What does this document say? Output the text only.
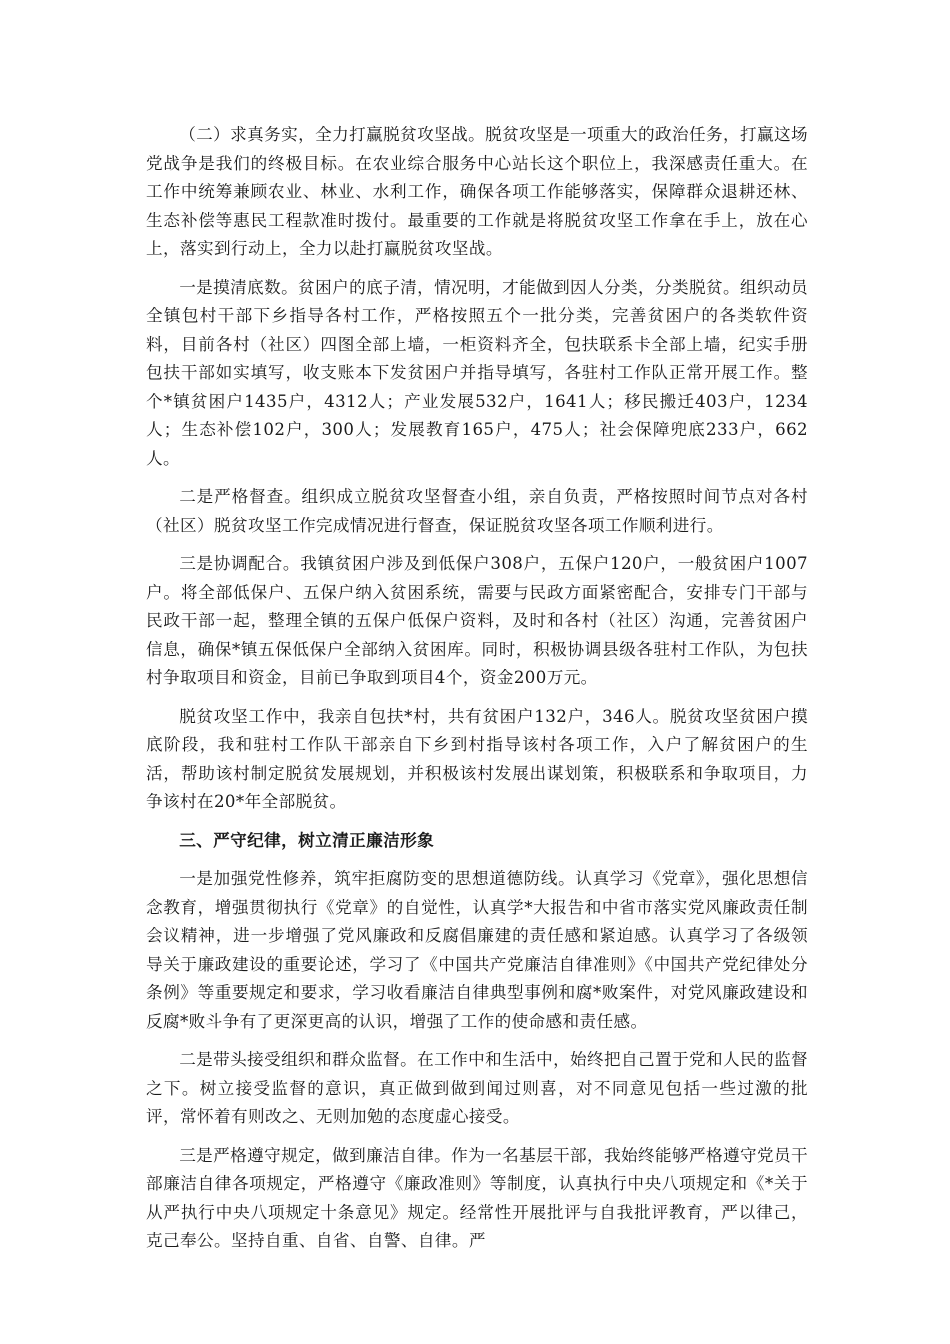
（二）求真务实，全力打赢脱贫攻坚战。脱贫攻坚是一项重大的政治任务，打赢这场党战争是我们的终极目标。在农业综合服务中心站长这个职位上，我深感责任重大。在工作中统筹兼顾农业、林业、水利工作，确保各项工作能够落实，保障群众退耕还林、生态补偿等惠民工程款准时拨付。最重要的工作就是将脱贫攻坚工作拿在手上，放在心上，落实到行动上，全力以赴打赢脱贫攻坚战。

一是摸清底数。贫困户的底子清，情况明，才能做到因人分类，分类脱贫。组织动员全镇包村干部下乡指导各村工作，严格按照五个一批分类，完善贫困户的各类软件资料，目前各村（社区）四图全部上墙，一柜资料齐全，包扶联系卡全部上墙，纪实手册包扶干部如实填写，收支账本下发贫困户并指导填写，各驻村工作队正常开展工作。整个*镇贫困户1435户，4312人；产业发展532户，1641人；移民搬迁403户，1234人；生态补偿102户，300人；发展教育165户，475人；社会保障兜底233户，662人。

二是严格督查。组织成立脱贫攻坚督查小组，亲自负责，严格按照时间节点对各村（社区）脱贫攻坚工作完成情况进行督查，保证脱贫攻坚各项工作顺利进行。

三是协调配合。我镇贫困户涉及到低保户308户，五保户120户，一般贫困户1007户。将全部低保户、五保户纳入贫困系统，需要与民政方面紧密配合，安排专门干部与民政干部一起，整理全镇的五保户低保户资料，及时和各村（社区）沟通，完善贫困户信息，确保*镇五保低保户全部纳入贫困库。同时，积极协调县级各驻村工作队，为包扶村争取项目和资金，目前已争取到项目4个，资金200万元。

脱贫攻坚工作中，我亲自包扶*村，共有贫困户132户，346人。脱贫攻坚贫困户摸底阶段，我和驻村工作队干部亲自下乡到村指导该村各项工作，入户了解贫困户的生活，帮助该村制定脱贫发展规划，并积极该村发展出谋划策，积极联系和争取项目，力争该村在20*年全部脱贫。

三、严守纪律，树立清正廉洁形象

一是加强党性修养，筑牢拒腐防变的思想道德防线。认真学习《党章》，强化思想信念教育，增强贯彻执行《党章》的自觉性，认真学*大报告和中省市落实党风廉政责任制会议精神，进一步增强了党风廉政和反腐倡廉建的责任感和紧迫感。认真学习了各级领导关于廉政建设的重要论述，学习了《中国共产党廉洁自律准则》《中国共产党纪律处分条例》等重要规定和要求，学习收看廉洁自律典型事例和腐*败案件，对党风廉政建设和反腐*败斗争有了更深更高的认识，增强了工作的使命感和责任感。

二是带头接受组织和群众监督。在工作中和生活中，始终把自己置于党和人民的监督之下。树立接受监督的意识，真正做到做到闻过则喜，对不同意见包括一些过激的批评，常怀着有则改之、无则加勉的态度虚心接受。

三是严格遵守规定，做到廉洁自律。作为一名基层干部，我始终能够严格遵守党员干部廉洁自律各项规定，严格遵守《廉政准则》等制度，认真执行中央八项规定和《*关于从严执行中央八项规定十条意见》规定。经常性开展批评与自我批评教育，严以律己，克己奉公。坚持自重、自省、自警、自律。严
